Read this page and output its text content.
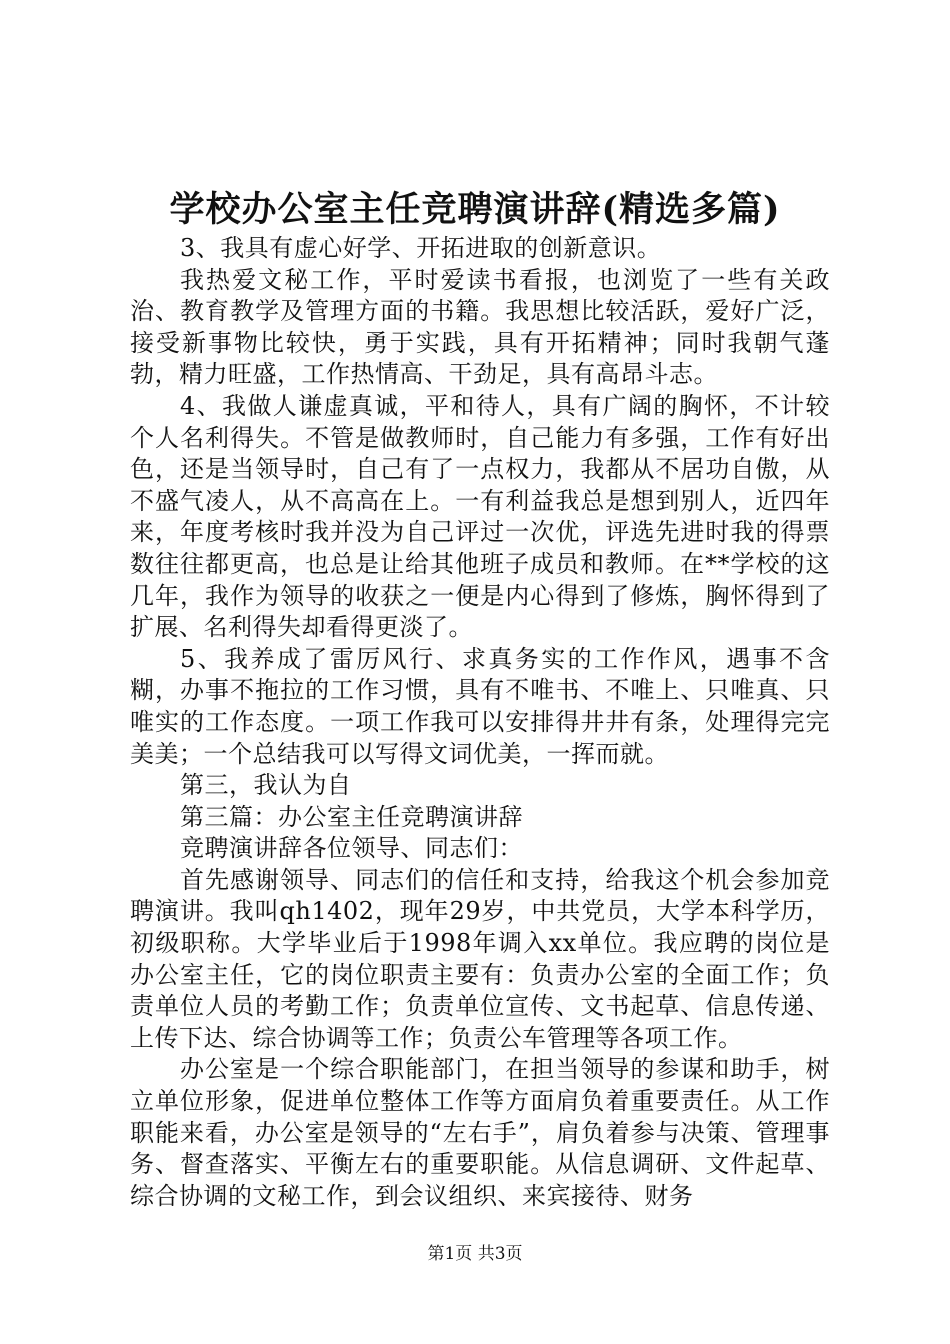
学校办公室主任竞聘演讲辞(精选多篇)

3、我具有虚心好学、开拓进取的创新意识。

我热爱文秘工作，平时爱读书看报，也浏览了一些有关政治、教育教学及管理方面的书籍。我思想比较活跃，爱好广泛，接受新事物比较快，勇于实践，具有开拓精神；同时我朝气蓬勃，精力旺盛，工作热情高、干劲足，具有高昂斗志。

4、我做人谦虚真诚，平和待人，具有广阔的胸怀，不计较个人名利得失。不管是做教师时，自己能力有多强，工作有好出色，还是当领导时，自己有了一点权力，我都从不居功自傲，从不盛气凌人，从不高高在上。一有利益我总是想到别人，近四年来，年度考核时我并没为自己评过一次优，评选先进时我的得票数往往都更高，也总是让给其他班子成员和教师。在**学校的这几年，我作为领导的收获之一便是内心得到了修炼，胸怀得到了扩展、名利得失却看得更淡了。

5、我养成了雷厉风行、求真务实的工作作风，遇事不含糊，办事不拖拉的工作习惯，具有不唯书、不唯上、只唯真、只唯实的工作态度。一项工作我可以安排得井井有条，处理得完完美美；一个总结我可以写得文词优美，一挥而就。

第三，我认为自

第三篇：办公室主任竞聘演讲辞

竞聘演讲辞各位领导、同志们：

首先感谢领导、同志们的信任和支持，给我这个机会参加竞聘演讲。我叫qh1402，现年29岁，中共党员，大学本科学历，初级职称。大学毕业后于1998年调入xx单位。我应聘的岗位是办公室主任，它的岗位职责主要有：负责办公室的全面工作；负责单位人员的考勤工作；负责单位宣传、文书起草、信息传递、上传下达、综合协调等工作；负责公车管理等各项工作。

办公室是一个综合职能部门，在担当领导的参谋和助手，树立单位形象，促进单位整体工作等方面肩负着重要责任。从工作职能来看，办公室是领导的“左右手”，肩负着参与决策、管理事务、督查落实、平衡左右的重要职能。从信息调研、文件起草、综合协调的文秘工作，到会议组织、来宾接待、财务

第1页 共3页
